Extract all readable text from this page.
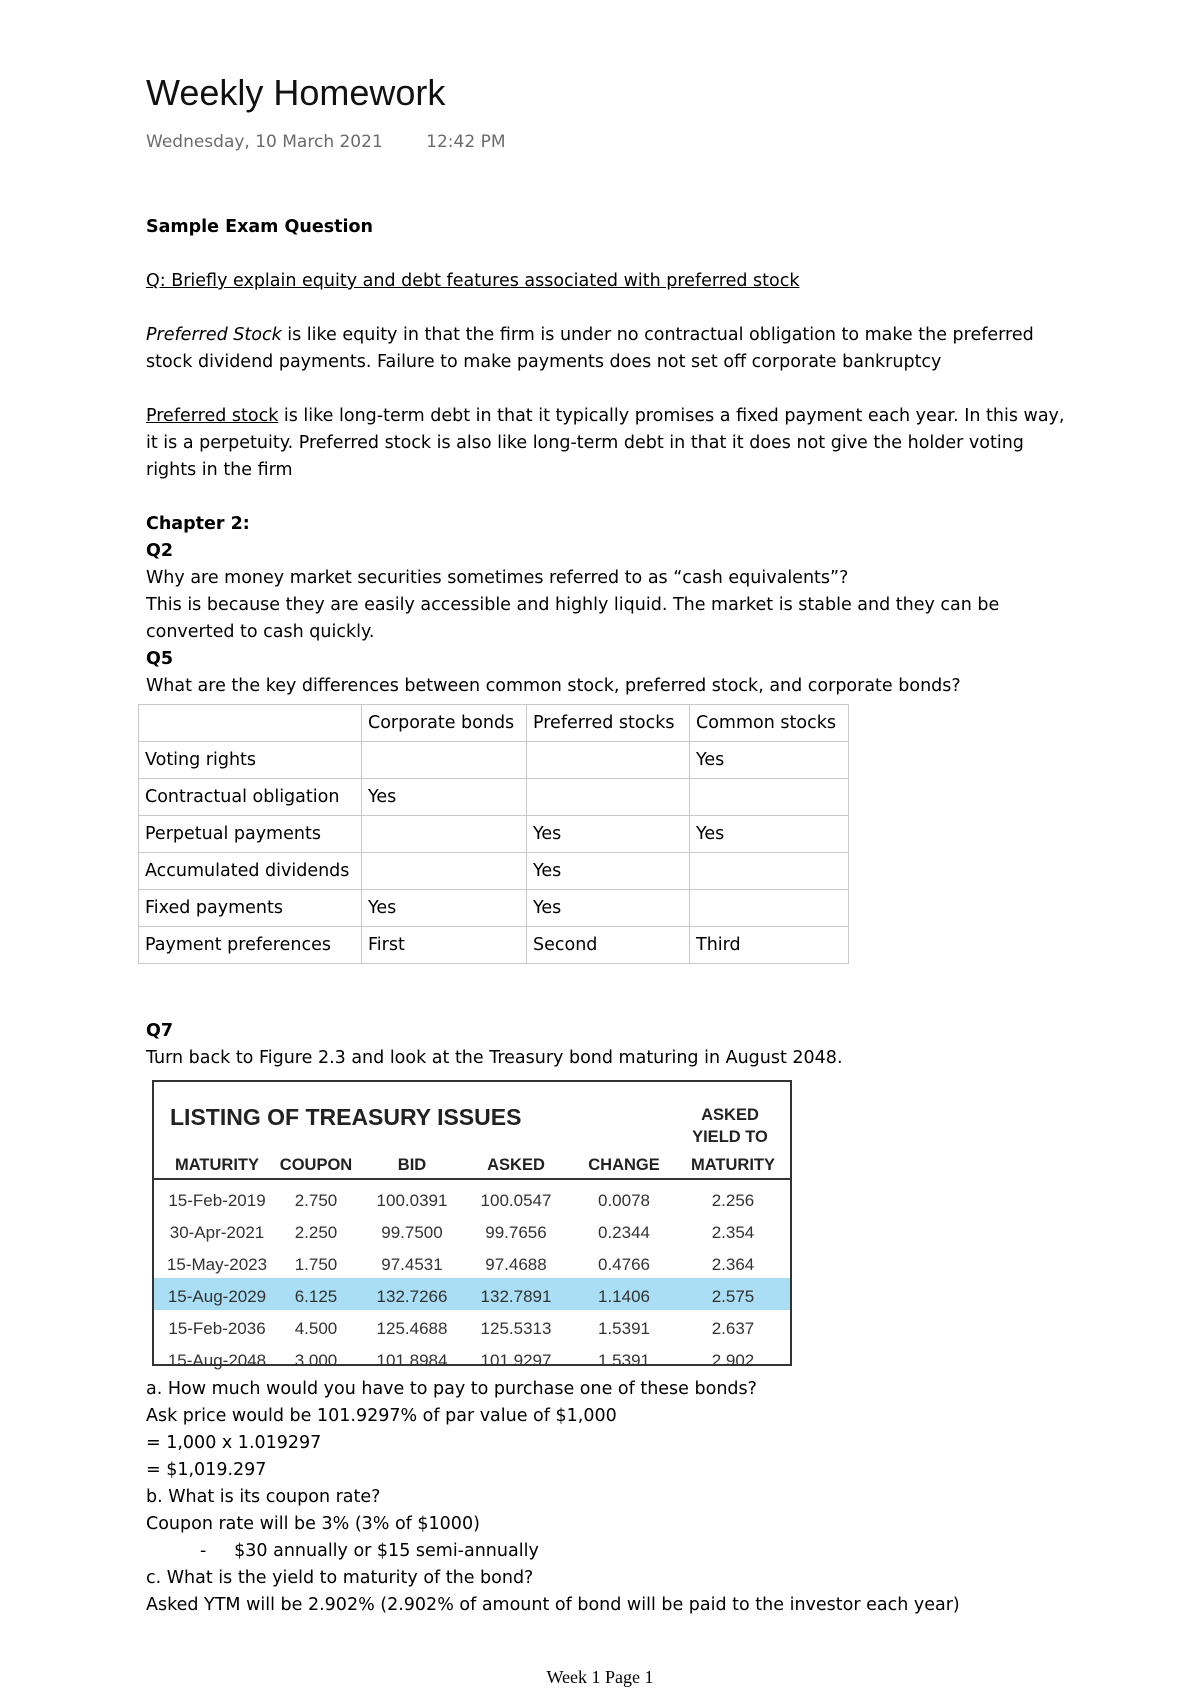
Weekly Homework
Wednesday, 10 March 2021	12:42 PM

Sample Exam Question

Q: Briefly explain equity and debt features associated with preferred stock

Preferred Stock is like equity in that the firm is under no contractual obligation to make the preferred stock dividend payments. Failure to make payments does not set off corporate bankruptcy

Preferred stock is like long-term debt in that it typically promises a fixed payment each year. In this way, it is a perpetuity. Preferred stock is also like long-term debt in that it does not give the holder voting rights in the firm

Chapter 2:

Q2

Why are money market securities sometimes referred to as “cash equivalents”?

This is because they are easily accessible and highly liquid. The market is stable and they can be converted to cash quickly.

Q5

What are the key differences between common stock, preferred stock, and corporate bonds?

	Corporate bonds	Preferred stocks	Common stocks
Voting rights			Yes
Contractual obligation	Yes		
Perpetual payments		Yes	Yes
Accumulated dividends		Yes	
Fixed payments	Yes	Yes	
Payment preferences	First	Second	Third

Q7

Turn back to Figure 2.3 and look at the Treasury bond maturing in August 2048.

LISTING OF TREASURY ISSUES	ASKED
YIELD TO
MATURITY	COUPON	BID	ASKED	CHANGE	MATURITY
15-Feb-2019	2.750	100.0391	100.0547	0.0078	2.256
30-Apr-2021	2.250	99.7500	99.7656	0.2344	2.354
15-May-2023	1.750	97.4531	97.4688	0.4766	2.364
15-Aug-2029	6.125	132.7266	132.7891	1.1406	2.575
15-Feb-2036	4.500	125.4688	125.5313	1.5391	2.637
15-Aug-2048	3.000	101.8984	101.9297	1.5391	2.902

a. How much would you have to pay to purchase one of these bonds?

Ask price would be 101.9297% of par value of $1,000

= 1,000 x 1.019297

= $1,019.297

b. What is its coupon rate?

Coupon rate will be 3% (3% of $1000)

-     $30 annually or $15 semi-annually

c. What is the yield to maturity of the bond?

Asked YTM will be 2.902% (2.902% of amount of bond will be paid to the investor each year)

Week 1 Page 1
